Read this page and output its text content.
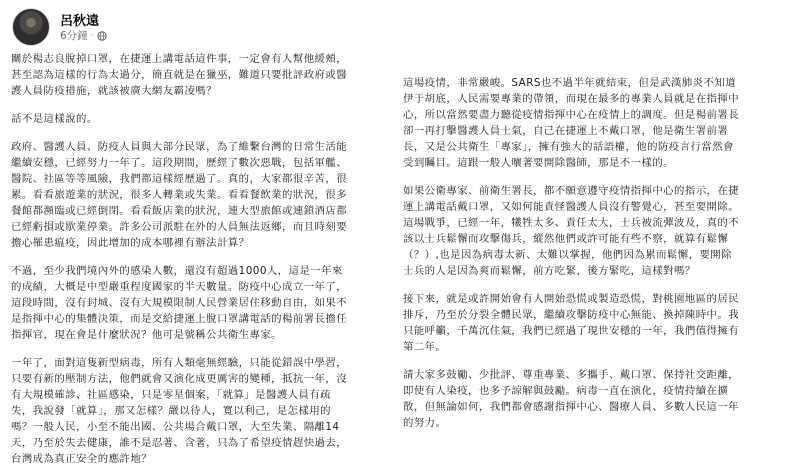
呂秋遠
6分鐘 ·
關於楊志良脫掉口罩，在捷運上講電話這件事，一定會有人幫他緩頰，
甚至認為這樣的行為太過分，簡直就是在獵巫，難道只要批評政府或醫
護人員防疫措施，就該被廣大網友霸凌嗎？
話不是這樣說的。
政府、醫護人員、防疫人員與大部分民眾，為了維繫台灣的日常生活能
繼續安穩，已經努力一年了。這段期間，歷經了數次惡戰，包括軍艦、
醫院、社區等等風險，我們都這樣經歷過了。真的，大家都很辛苦，很
累。看看旅遊業的狀況，很多人轉業或失業。看看餐飲業的狀況，很多
餐館都瀕臨或已經倒閉。看看飯店業的狀況，連大型旅館或連鎖酒店都
已經虧損或歇業停業。許多公司派駐在外的人員無法返鄉，而且時刻要
擔心罹患瘟疫，因此增加的成本哪裡有辦法計算？
不過，至少我們境內外的感染人數，還沒有超過1000人，這是一年來
的成績，大概是中型嚴重程度國家的半天數量。防疫中心成立一年了，
這段時間，沒有封城、沒有大規模限制人民營業居住移動自由，如果不
是指揮中心的集體決策，而是交給捷運上脫口罩講電話的楊前署長擔任
指揮官，現在會是什麼狀況？他可是號稱公共衛生專家。
一年了，面對這隻新型病毒，所有人類毫無經驗，只能從錯誤中學習，
只要有新的壓制方法，他們就會又演化成更厲害的變種，抵抗一年，沒
有大規模確診、社區感染，只是零星個案，「就算」是醫護人員有疏
失，我說發「就算」，那又怎樣？嚴以待人，寬以利己，是怎樣用的
嗎？一般人民，小至不能出國、公共場合戴口罩，大至失業、隔離14
天，乃至於失去健康，誰不是忍著、含著，只為了希望疫情趕快過去，
台灣成為真正安全的應許地？
這場疫情，非常嚴峻。SARS也不過半年就結束，但是武漢肺炎不知道
伊于胡底，人民需要專業的帶領，而現在最多的專業人員就是在指揮中
心，所以當然要盡力聽從疫情指揮中心在疫情上的調度。但是楊前署長
卻一再打擊醫護人員士氣，自己在捷運上不戴口罩，他是衛生署前署
長，又是公共衛生「專家」，擁有強大的話語權，他的防疫言行當然會
受到矚目。這跟一般人嚷著要開除醫師，那是不一樣的。
如果公衛專家、前衛生署長，都不願意遵守疫情指揮中心的指示，在捷
運上講電話戴口罩，又如何能責怪醫護人員沒有警覺心，甚至要開除。
這場戰爭，已經一年，犧牲太多、責任太大，士兵被流彈波及，真的不
該以士兵鬆懈而攻擊傷兵，縱然他們或許可能有些不察，就算有鬆懈
（？）,也是因為病毒太新、太難以掌握，他們因為累而鬆懈，要開除
士兵的人是因為爽而鬆懈，前方吃緊，後方緊吃，這樣對嗎？
接下來，就是或許開始會有人開始恐慌或製造恐慌，對桃園地區的居民
排斥，乃至於分裂全體民眾，繼續攻擊防疫中心無能、換掉陳時中。我
只能呼籲，千萬沉住氣，我們已經過了現世安穩的一年，我們值得擁有
第二年。
請大家多鼓勵、少批評、尊重專業、多攜手、戴口罩、保持社交距離，
即使有人染疫，也多予諒解與鼓勵。病毒一直在演化，疫情持續在擴
散，但無論如何，我們都會感謝指揮中心、醫療人員、多數人民這一年
的努力。
